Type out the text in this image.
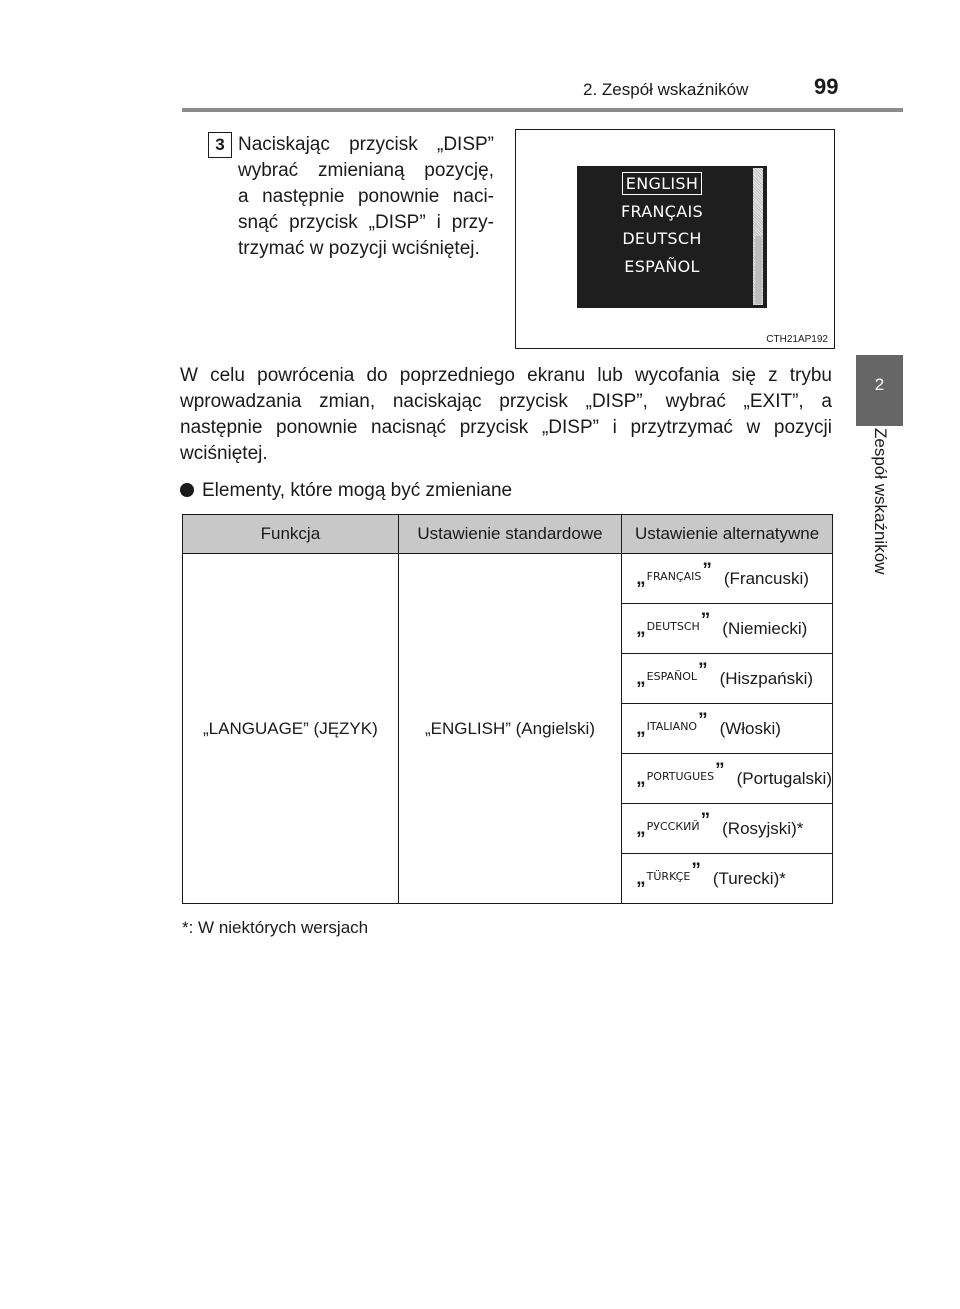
2. Zespół wskaźników	99
2
Zespół wskaźników
3 Naciskając przycisk „DISP”
wybrać zmienianą pozycję,
a następnie ponownie naci-
snąć przycisk „DISP” i przy-
trzymać w pozycji wciśniętej.
ENGLISH
FRANÇAIS
DEUTSCH
ESPAÑOL
CTH21AP192
W celu powrócenia do poprzedniego ekranu lub wycofania się z trybu wprowadzania zmian, naciskając przycisk „DISP”, wybrać „EXIT”, a następnie ponownie nacisnąć przycisk „DISP” i przytrzymać w pozycji wciśniętej.
Elementy, które mogą być zmieniane
Funkcja	Ustawienie standardowe	Ustawienie alternatywne
„LANGUAGE” (JĘZYK)	„ENGLISH” (Angielski)	„ FRANÇAIS ” (Francuski)

		„ DEUTSCH ” (Niemiecki)

		„ ESPAÑOL ” (Hiszpański)

		„ ITALIANO ” (Włoski)

		„ PORTUGUES ” (Portugalski)

		„ РУССКИЙ ” (Rosyjski)*

		„ TÜRKÇE ” (Turecki)*
*: W niektórych wersjach
